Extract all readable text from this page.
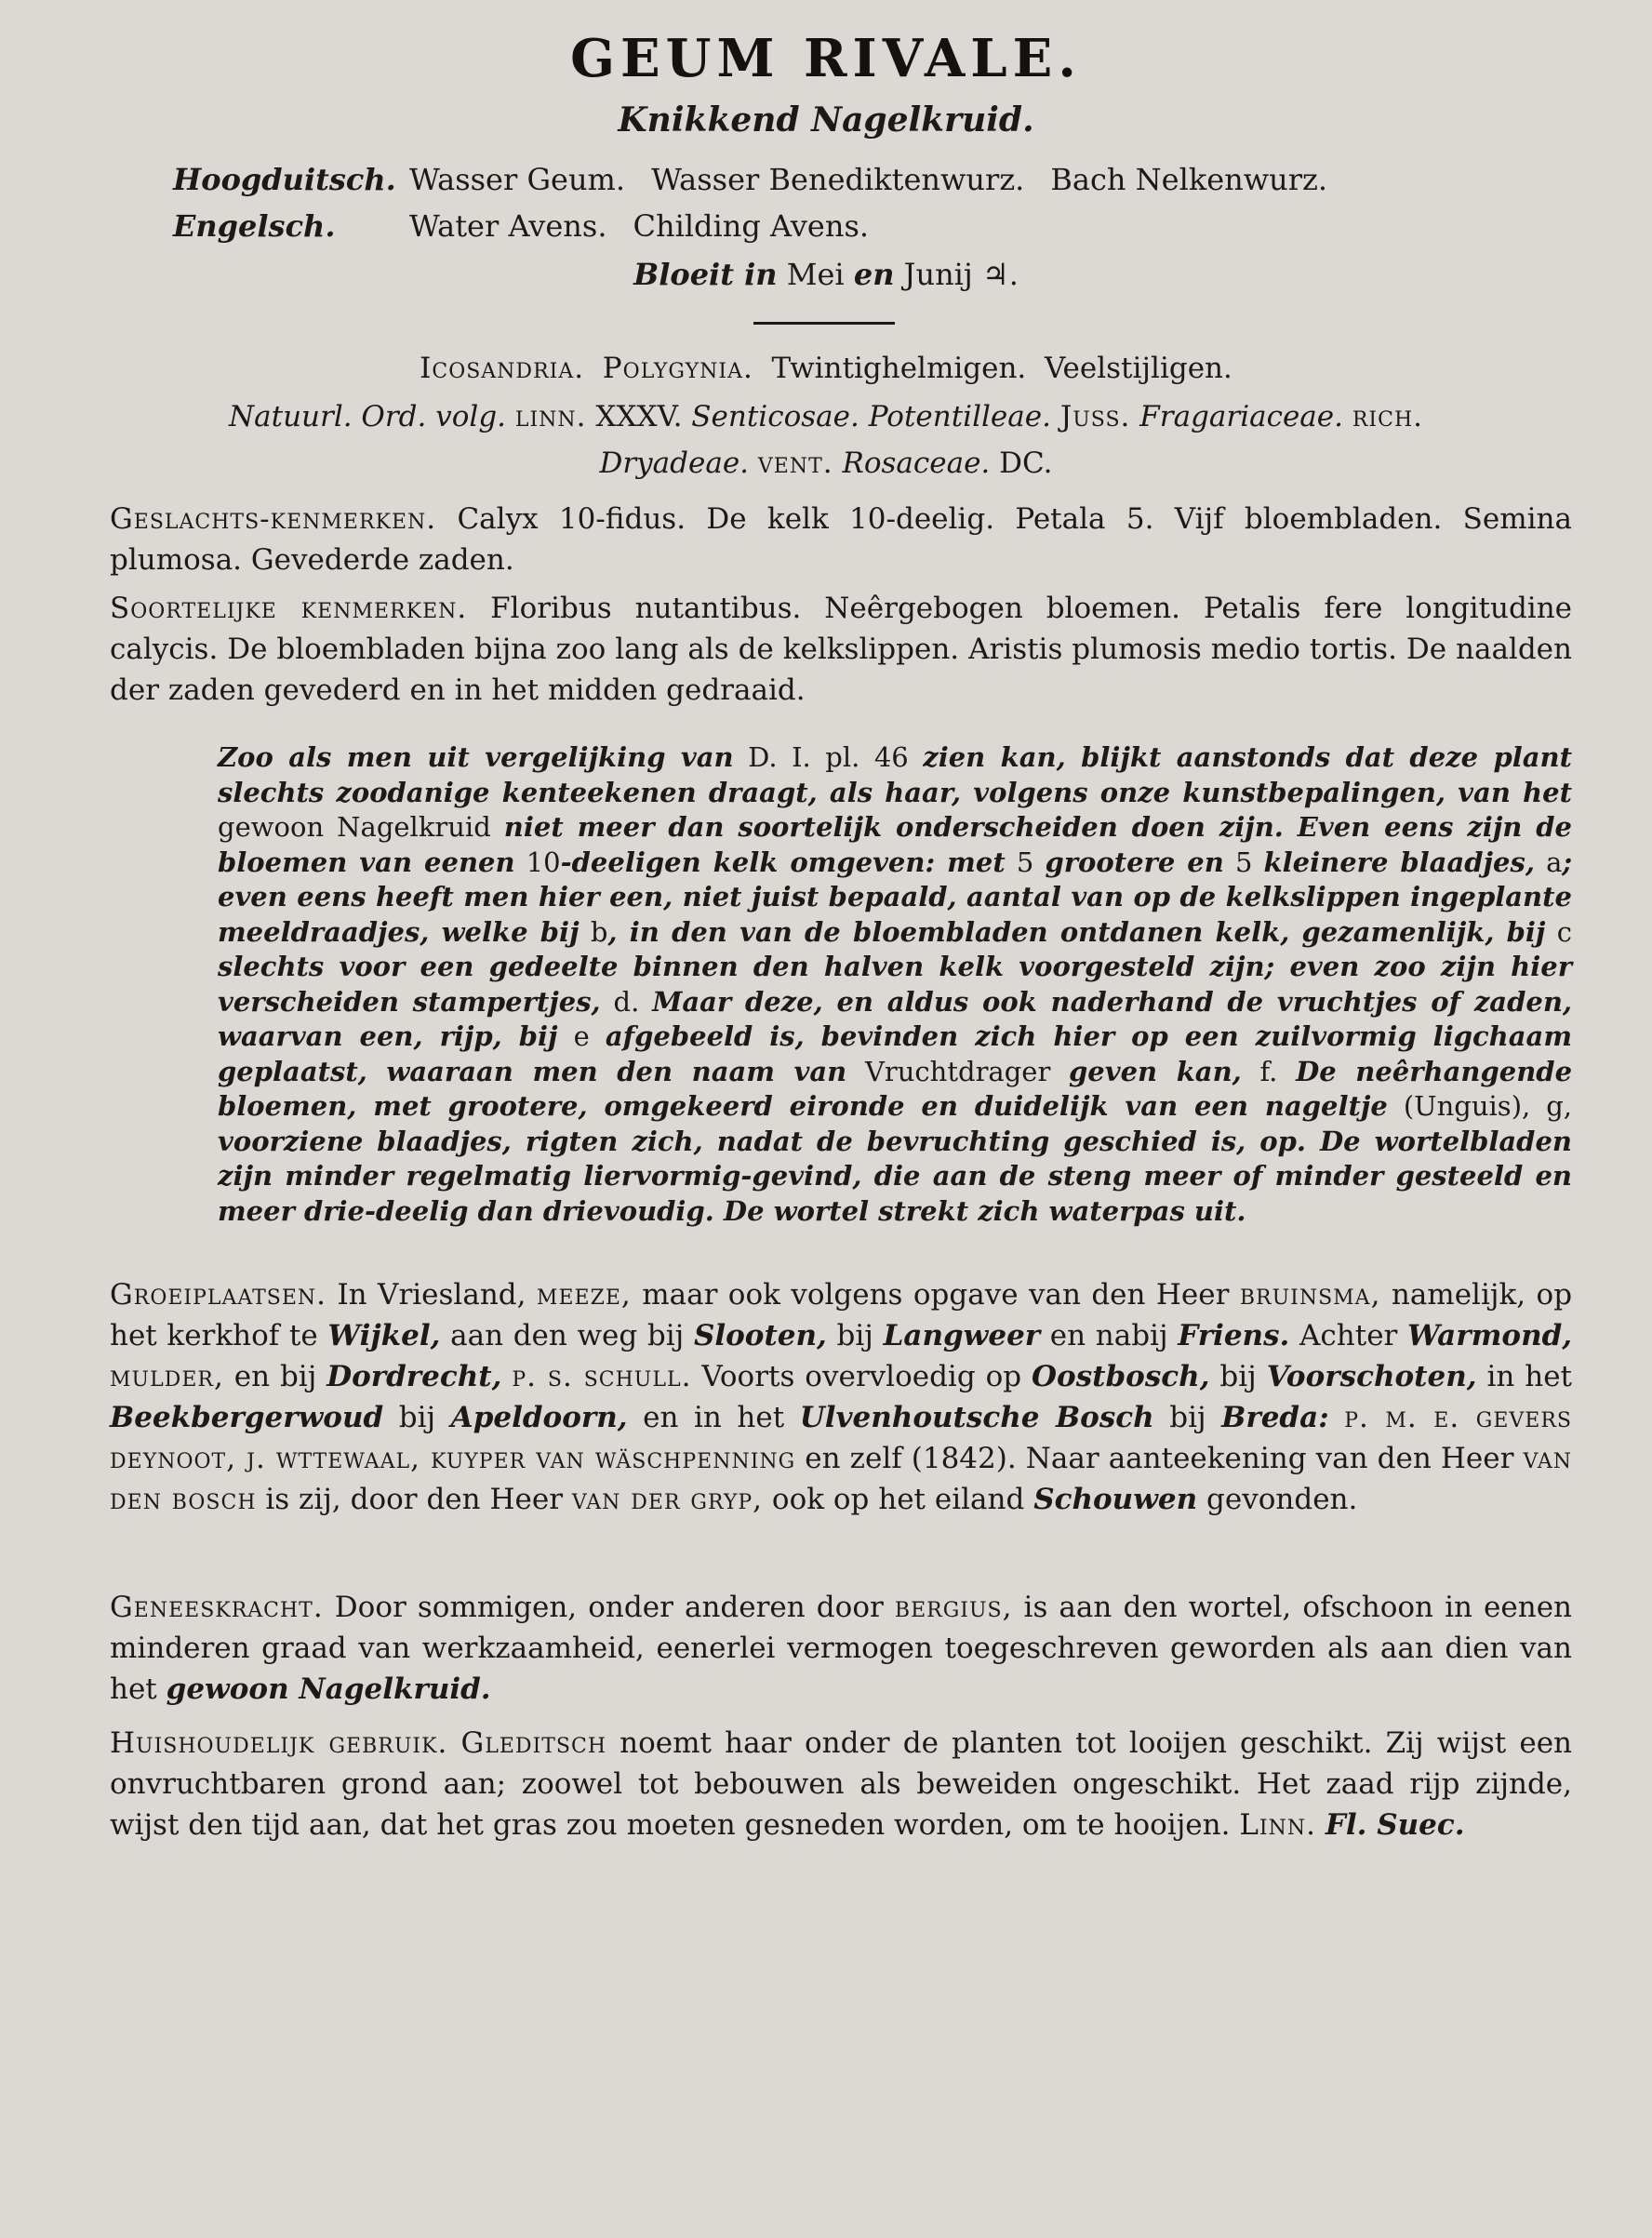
GEUM RIVALE.
Knikkend Nagelkruid.
Hoogduitsch. Wasser Geum. Wasser Benediktenwurz. Bach Nelkenwurz.
Engelsch. Water Avens. Childing Avens.
Bloeit in Mei en Junij ♃.
Icosandria. Polygynia. Twintighelmigen. Veelstijligen.
Natuurl. Ord. volg. linn. XXXV. Senticosae. Potentilleae. Juss. Fragariaceae. rich.
Dryadeae. vent. Rosaceae. DC.
Geslachts-kenmerken. Calyx 10-fidus. De kelk 10-deelig. Petala 5. Vijf bloembladen. Semina plumosa. Gevederde zaden.
Soortelijke kenmerken. Floribus nutantibus. Neêrgebogen bloemen. Petalis fere longitudine calycis. De bloembladen bijna zoo lang als de kelkslippen. Aristis plumosis medio tortis. De naalden der zaden gevederd en in het midden gedraaid.
Zoo als men uit vergelijking van D. I. pl. 46 zien kan, blijkt aanstonds dat deze plant slechts zoodanige kenteekenen draagt, als haar, volgens onze kunstbepalingen, van het gewoon Nagelkruid niet meer dan soortelijk onderscheiden doen zijn. Even eens zijn de bloemen van eenen 10-deeligen kelk omgeven: met 5 grootere en 5 kleinere blaadjes, a; even eens heeft men hier een, niet juist bepaald, aantal van op de kelkslippen ingeplante meeldraadjes, welke bij b, in den van de bloembladen ontdanen kelk, gezamenlijk, bij c slechts voor een gedeelte binnen den halven kelk voorgesteld zijn; even zoo zijn hier verscheiden stampertjes, d. Maar deze, en aldus ook naderhand de vruchtjes of zaden, waarvan een, rijp, bij e afgebeeld is, bevinden zich hier op een zuilvormig ligchaam geplaatst, waaraan men den naam van Vruchtdrager geven kan, f. De neêrhangende bloemen, met grootere, omgekeerd eironde en duidelijk van een nageltje (Unguis), g, voorziene blaadjes, rigten zich, nadat de bevruchting geschied is, op. De wortelbladen zijn minder regelmatig liervormig-gevind, die aan de steng meer of minder gesteeld en meer drie-deelig dan drievoudig. De wortel strekt zich waterpas uit.
Groeiplaatsen. In Vriesland, meeze, maar ook volgens opgave van den Heer bruinsma, namelijk, op het kerkhof te Wijkel, aan den weg bij Slooten, bij Langweer en nabij Friens. Achter Warmond, mulder, en bij Dordrecht, p. s. schull. Voorts overvloedig op Oostbosch, bij Voorschoten, in het Beekbergerwoud bij Apeldoorn, en in het Ulvenhoutsche Bosch bij Breda: p. m. e. gevers deynoot, j. wttewaal, kuyper van wäschpenning en zelf (1842). Naar aanteekening van den Heer van den bosch is zij, door den Heer van der gryp, ook op het eiland Schouwen gevonden.
Geneeskracht. Door sommigen, onder anderen door bergius, is aan den wortel, ofschoon in eenen minderen graad van werkzaamheid, eenerlei vermogen toegeschreven geworden als aan dien van het gewoon Nagelkruid.
Huishoudelijk gebruik. Gleditsch noemt haar onder de planten tot looijen geschikt. Zij wijst een onvruchtbaren grond aan; zoowel tot bebouwen als beweiden ongeschikt. Het zaad rijp zijnde, wijst den tijd aan, dat het gras zou moeten gesneden worden, om te hooijen. Linn. Fl. Suec.
